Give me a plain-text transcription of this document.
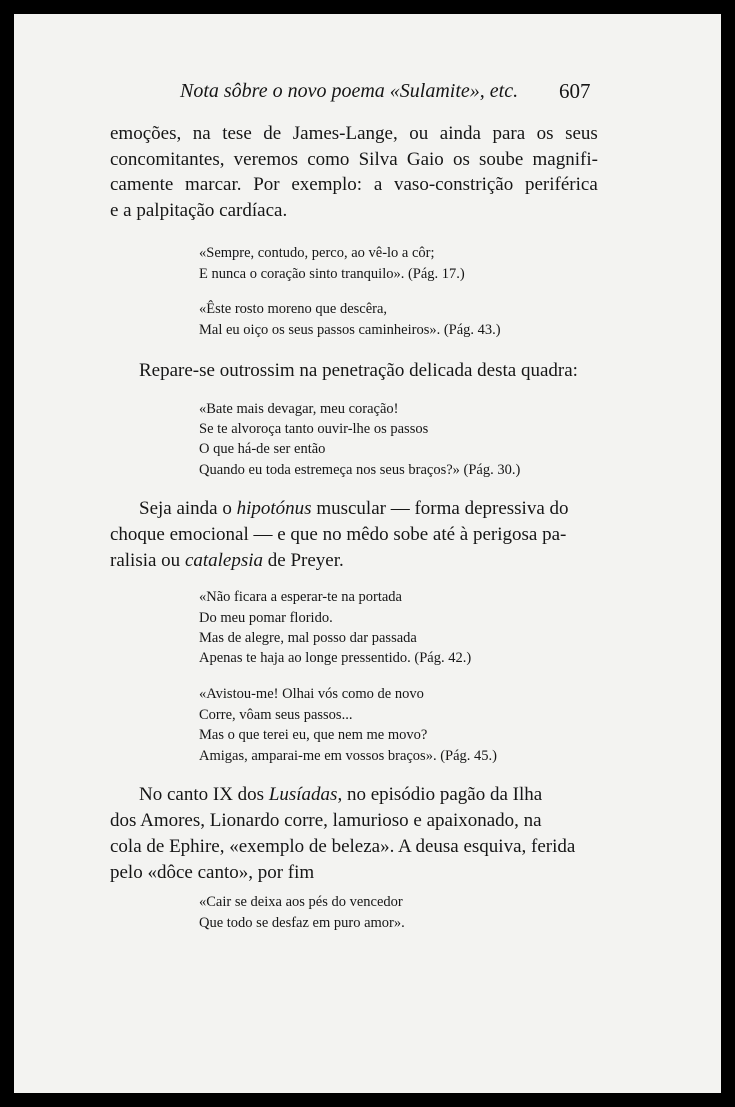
Nota sôbre o novo poema «Sulamite», etc. 607
emoções, na tese de James-Lange, ou ainda para os seus
concomitantes, veremos como Silva Gaio os soube magnifi-
camente marcar. Por exemplo: a vaso-constrição periférica
e a palpitação cardíaca.
«Sempre, contudo, perco, ao vê-lo a côr;
E nunca o coração sinto tranquilo». (Pág. 17.)
«Êste rosto moreno que descêra,
Mal eu oiço os seus passos caminheiros». (Pág. 43.)
Repare-se outrossim na penetração delicada desta quadra:
«Bate mais devagar, meu coração!
Se te alvoroça tanto ouvir-lhe os passos
O que há-de ser então
Quando eu toda estremeça nos seus braços?» (Pág. 30.)
Seja ainda o hipotónus muscular — forma depressiva do
choque emocional — e que no mêdo sobe até à perigosa pa-
ralisia ou catalepsia de Preyer.
«Não ficara a esperar-te na portada
Do meu pomar florido.
Mas de alegre, mal posso dar passada
Apenas te haja ao longe pressentido. (Pág. 42.)
«Avistou-me! Olhai vós como de novo
Corre, vôam seus passos...
Mas o que terei eu, que nem me movo?
Amigas, amparai-me em vossos braços». (Pág. 45.)
No canto IX dos Lusíadas, no episódio pagão da Ilha
dos Amores, Lionardo corre, lamurioso e apaixonado, na
cola de Ephire, «exemplo de beleza». A deusa esquiva, ferida
pelo «dôce canto», por fim
«Cair se deixa aos pés do vencedor
Que todo se desfaz em puro amor».
